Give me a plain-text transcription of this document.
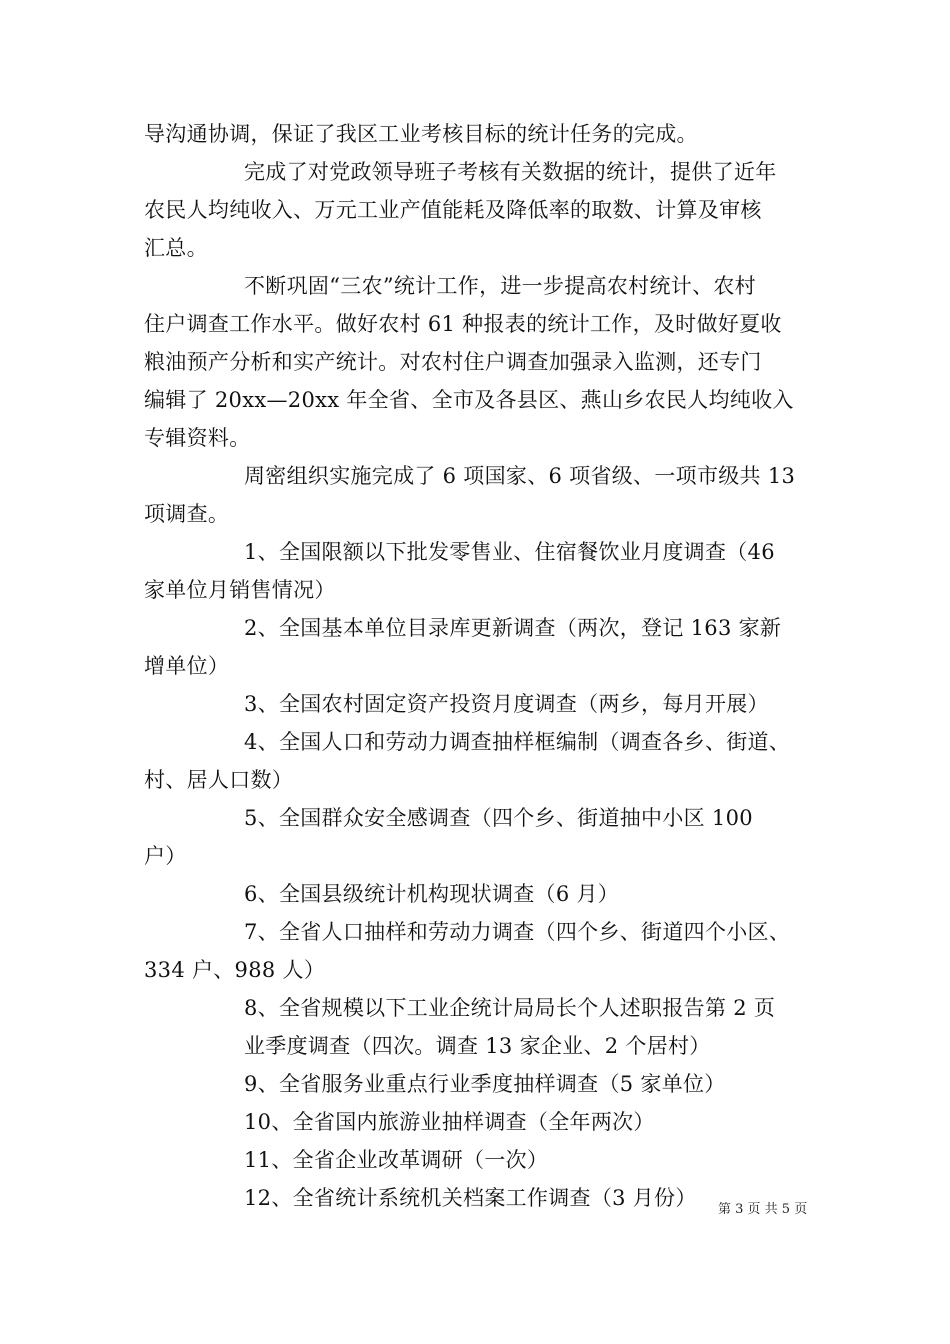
导沟通协调，保证了我区工业考核目标的统计任务的完成。
完成了对党政领导班子考核有关数据的统计，提供了近年
农民人均纯收入、万元工业产值能耗及降低率的取数、计算及审核
汇总。
不断巩固“三农”统计工作，进一步提高农村统计、农村
住户调查工作水平。做好农村 61 种报表的统计工作，及时做好夏收
粮油预产分析和实产统计。对农村住户调查加强录入监测，还专门
编辑了 20xx—20xx 年全省、全市及各县区、燕山乡农民人均纯收入
专辑资料。
周密组织实施完成了 6 项国家、6 项省级、一项市级共 13
项调查。
1、全国限额以下批发零售业、住宿餐饮业月度调查（46
家单位月销售情况）
2、全国基本单位目录库更新调查（两次，登记 163 家新
增单位）
3、全国农村固定资产投资月度调查（两乡，每月开展）
4、全国人口和劳动力调查抽样框编制（调查各乡、街道、
村、居人口数）
5、全国群众安全感调查（四个乡、街道抽中小区 100
户）
6、全国县级统计机构现状调查（6 月）
7、全省人口抽样和劳动力调查（四个乡、街道四个小区、
334 户、988 人）
8、全省规模以下工业企统计局局长个人述职报告第 2 页
业季度调查（四次。调查 13 家企业、2 个居村）
9、全省服务业重点行业季度抽样调查（5 家单位）
10、全省国内旅游业抽样调查（全年两次）
11、全省企业改革调研（一次）
12、全省统计系统机关档案工作调查（3 月份） 第 3 页 共 5 页
